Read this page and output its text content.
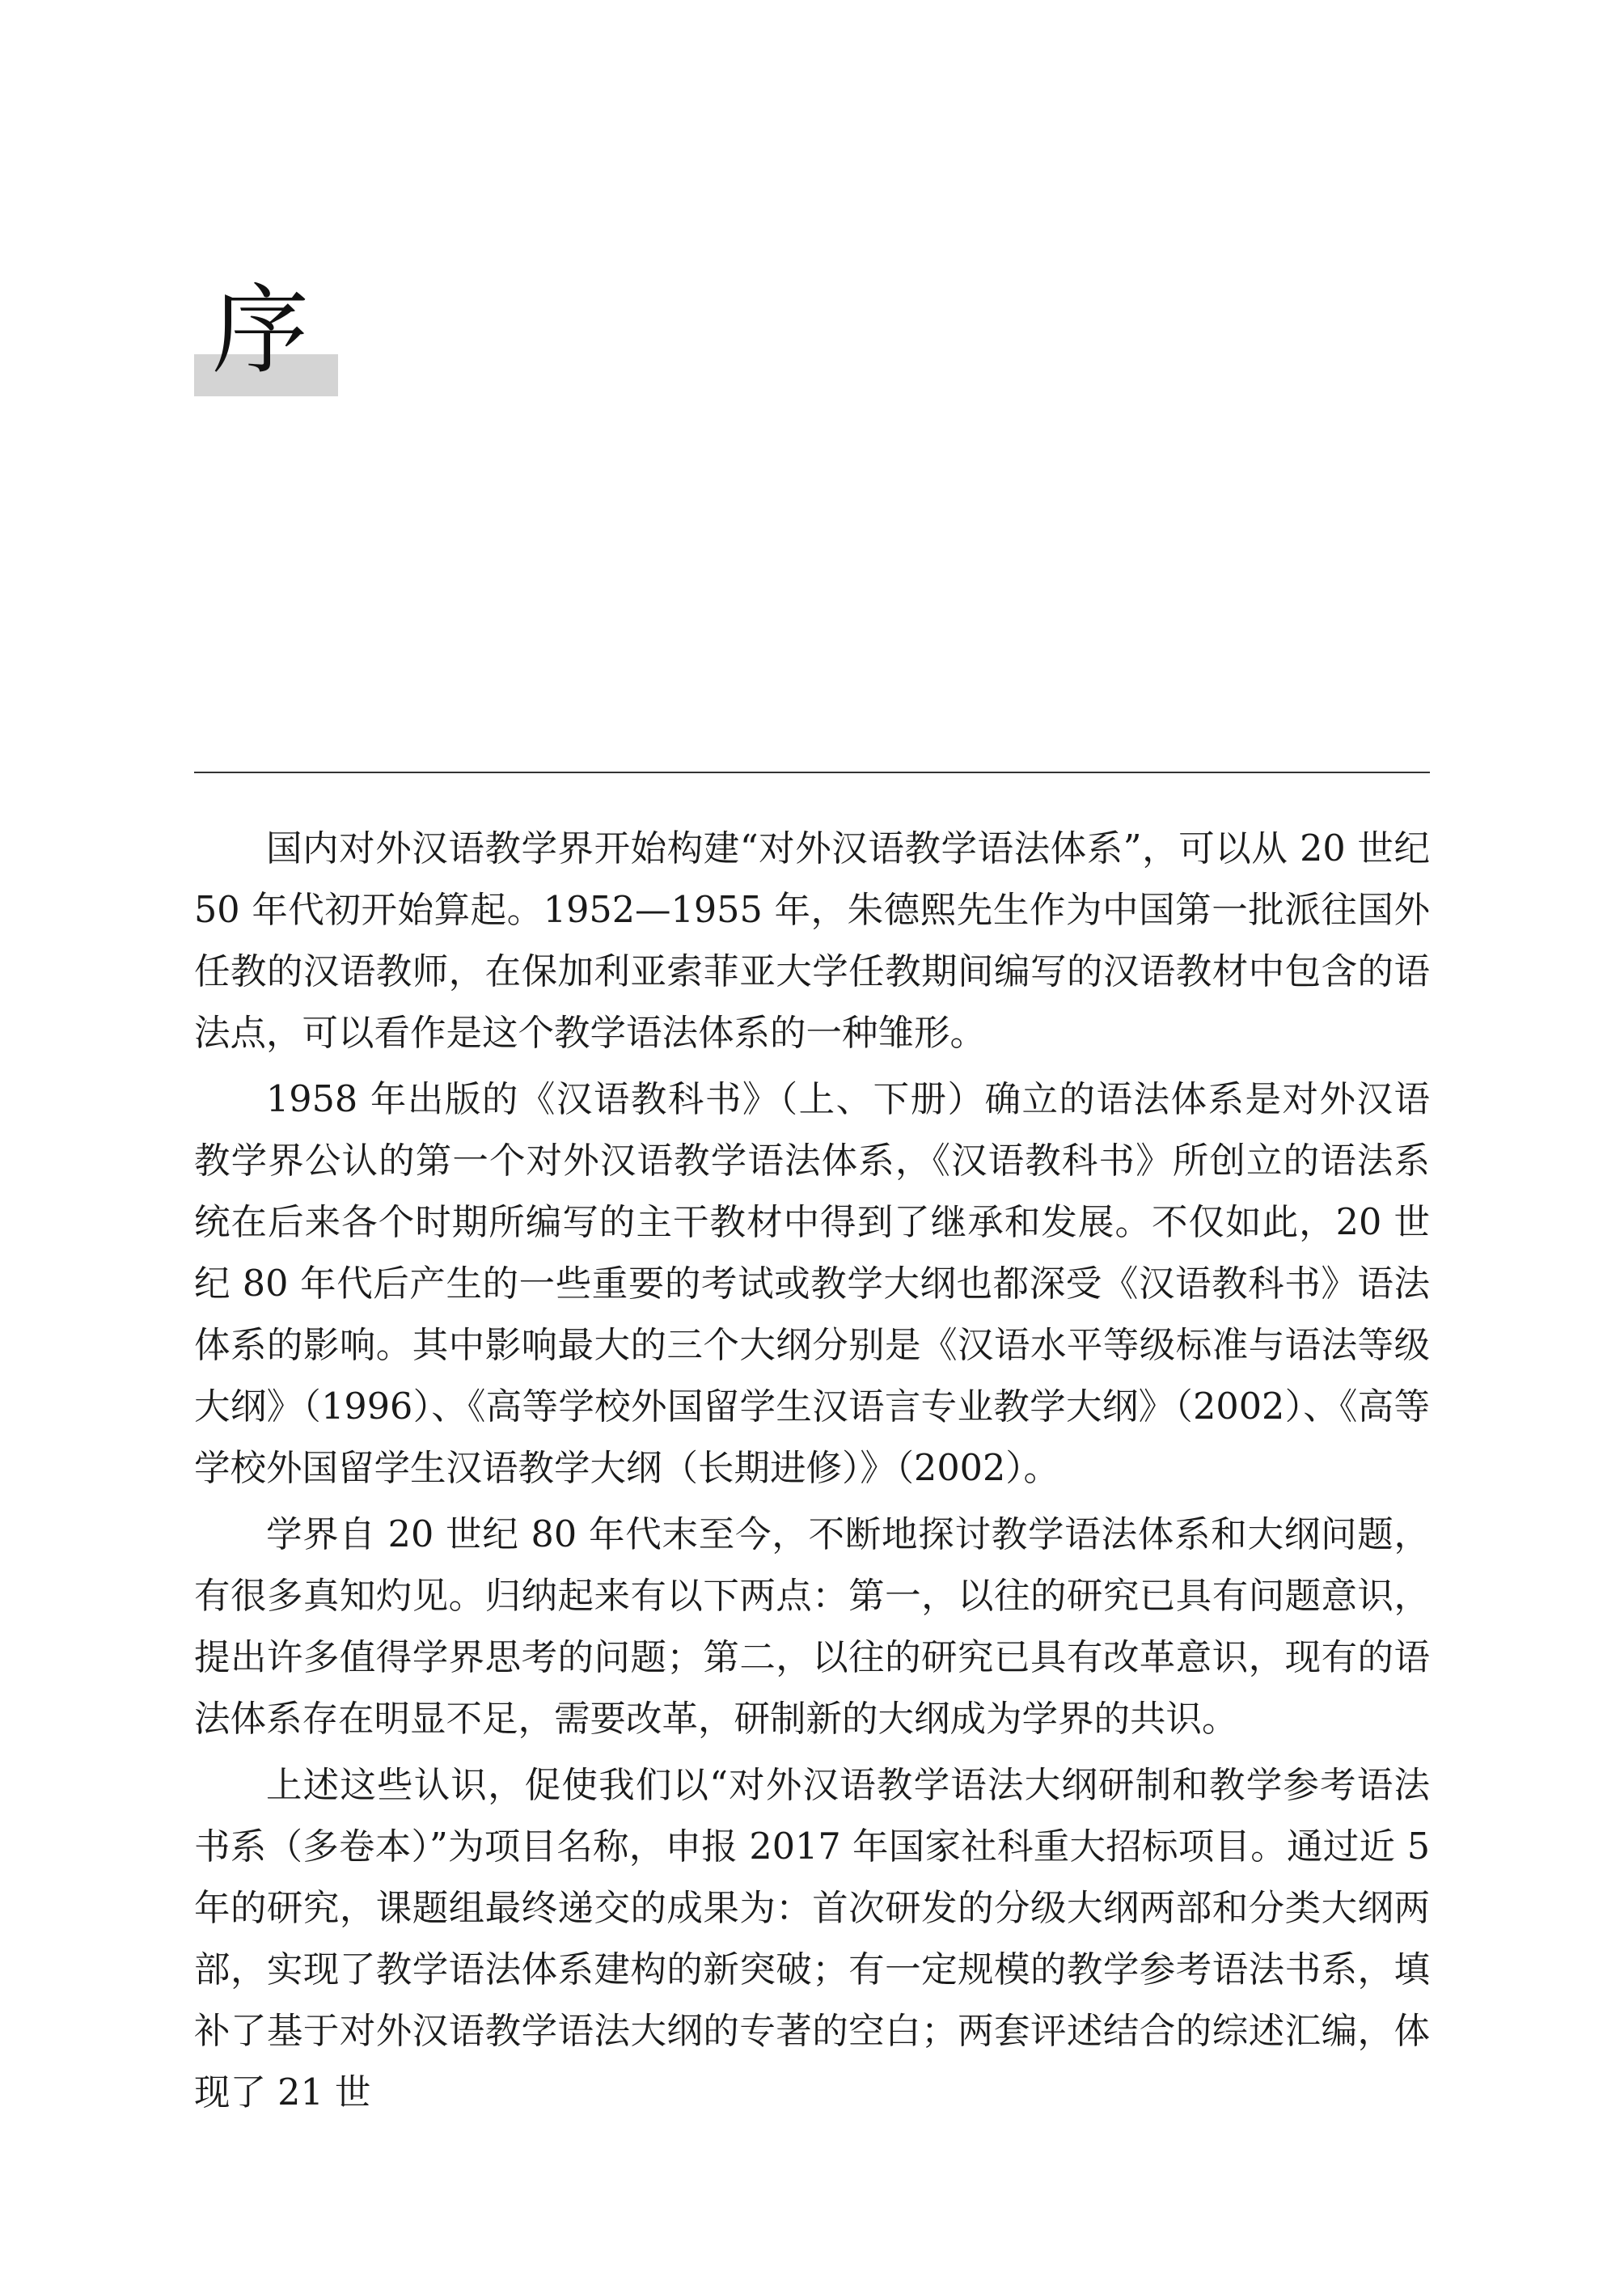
序

国内对外汉语教学界开始构建“对外汉语教学语法体系”，可以从 20 世纪 50 年代初开始算起。1952—1955 年，朱德熙先生作为中国第一批派往国外任教的汉语教师，在保加利亚索菲亚大学任教期间编写的汉语教材中包含的语法点，可以看作是这个教学语法体系的一种雏形。

1958 年出版的《汉语教科书》（上、下册）确立的语法体系是对外汉语教学界公认的第一个对外汉语教学语法体系，《汉语教科书》所创立的语法系统在后来各个时期所编写的主干教材中得到了继承和发展。不仅如此，20 世纪 80 年代后产生的一些重要的考试或教学大纲也都深受《汉语教科书》语法体系的影响。其中影响最大的三个大纲分别是《汉语水平等级标准与语法等级大纲》（1996）、《高等学校外国留学生汉语言专业教学大纲》（2002）、《高等学校外国留学生汉语教学大纲（长期进修）》（2002）。

学界自 20 世纪 80 年代末至今，不断地探讨教学语法体系和大纲问题，有很多真知灼见。归纳起来有以下两点：第一，以往的研究已具有问题意识，提出许多值得学界思考的问题；第二，以往的研究已具有改革意识，现有的语法体系存在明显不足，需要改革，研制新的大纲成为学界的共识。

上述这些认识，促使我们以“对外汉语教学语法大纲研制和教学参考语法书系（多卷本）”为项目名称，申报 2017 年国家社科重大招标项目。通过近 5 年的研究，课题组最终递交的成果为：首次研发的分级大纲两部和分类大纲两部，实现了教学语法体系建构的新突破；有一定规模的教学参考语法书系，填补了基于对外汉语教学语法大纲的专著的空白；两套评述结合的综述汇编，体现了 21 世
